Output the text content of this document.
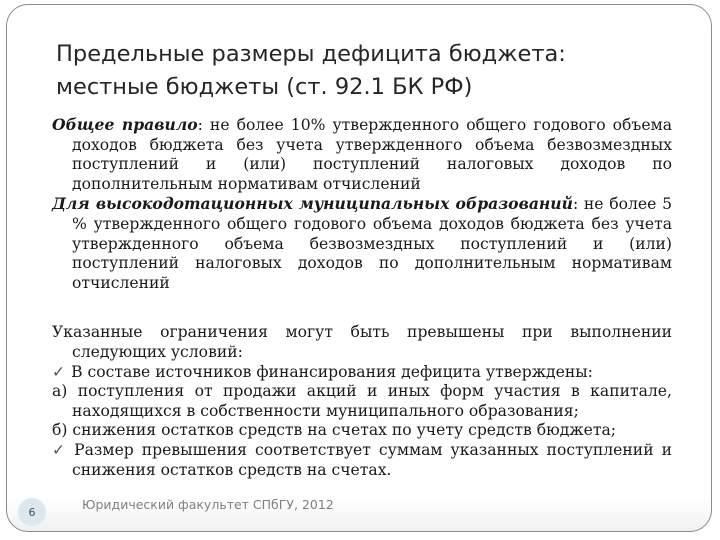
Предельные размеры дефицита бюджета:
местные бюджеты (ст. 92.1 БК РФ)
Общее правило: не более 10% утвержденного общего годового объема доходов бюджета без учета утвержденного объема безвозмездных поступлений и (или) поступлений налоговых доходов по дополнительным нормативам отчислений
Для высокодотационных муниципальных образований: не более 5 % утвержденного общего годового объема доходов бюджета без учета утвержденного объема безвозмездных поступлений и (или) поступлений налоговых доходов по дополнительным нормативам отчислений
Указанные ограничения могут быть превышены при выполнении следующих условий:
✓ В составе источников финансирования дефицита утверждены:
а) поступления от продажи акций и иных форм участия в капитале, находящихся в собственности муниципального образования;
б) снижения остатков средств на счетах по учету средств бюджета;
✓ Размер превышения соответствует суммам указанных поступлений и снижения остатков средств на счетах.
6	Юридический факультет СПбГУ, 2012
